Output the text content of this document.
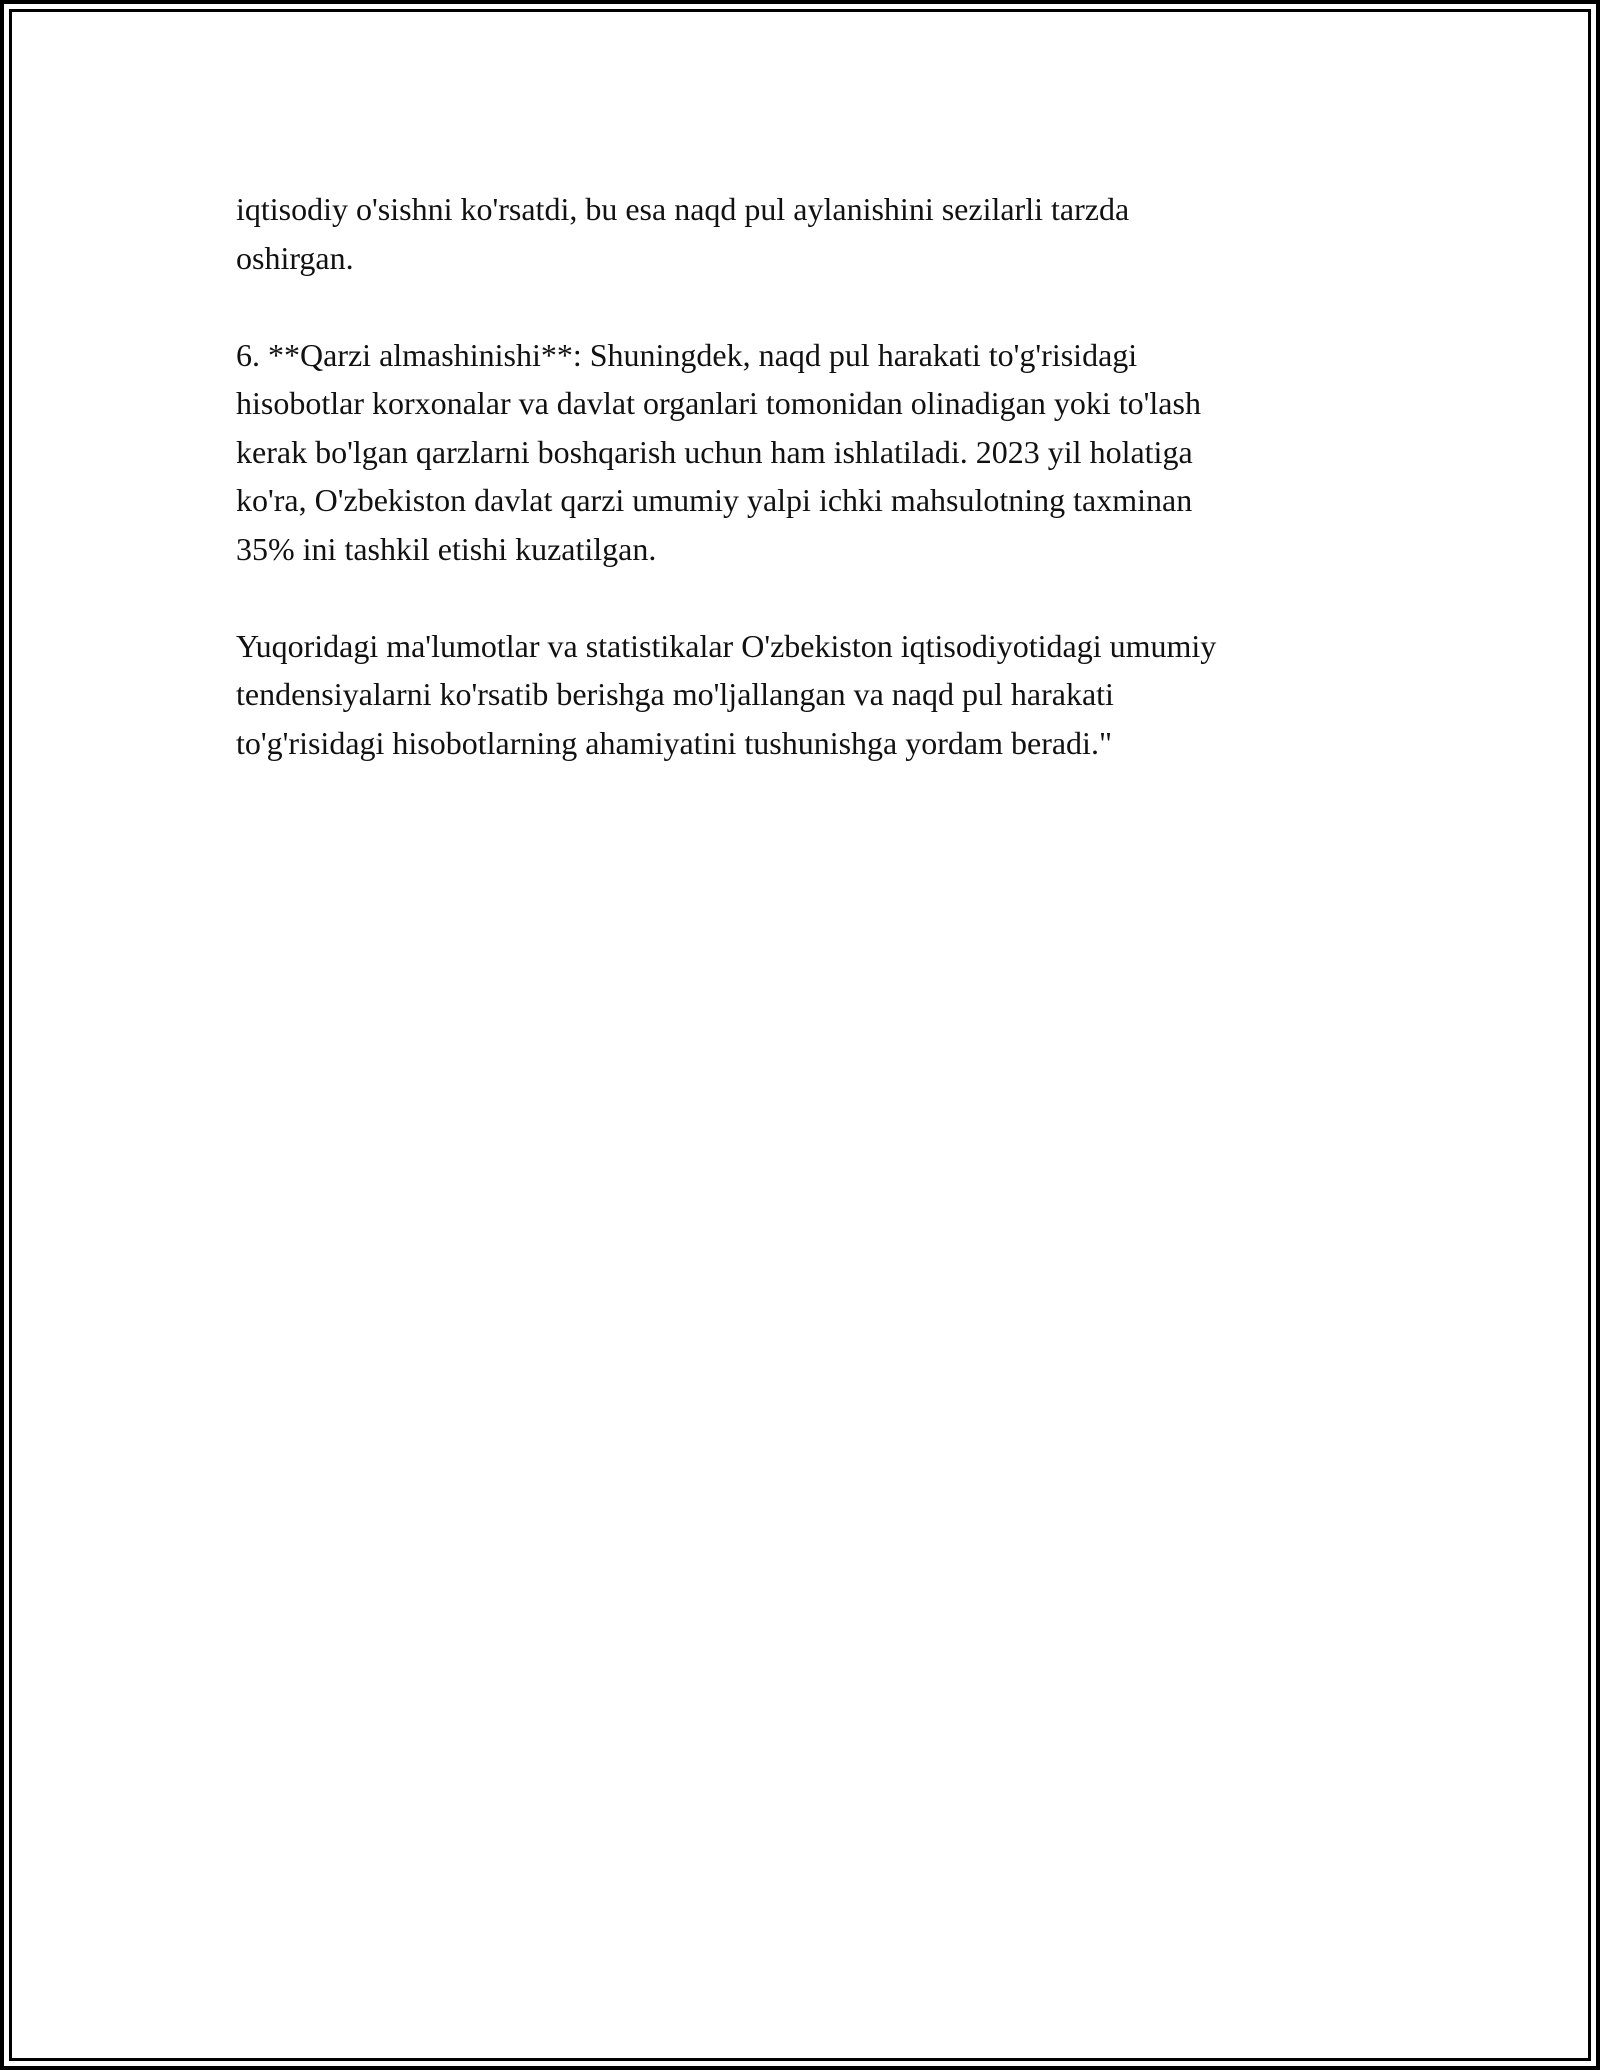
iqtisodiy o'sishni ko'rsatdi, bu esa naqd pul aylanishini sezilarli tarzda
oshirgan.

6. **Qarzi almashinishi**: Shuningdek, naqd pul harakati to'g'risidagi
hisobotlar korxonalar va davlat organlari tomonidan olinadigan yoki to'lash
kerak bo'lgan qarzlarni boshqarish uchun ham ishlatiladi. 2023 yil holatiga
ko'ra, O'zbekiston davlat qarzi umumiy yalpi ichki mahsulotning taxminan
35% ini tashkil etishi kuzatilgan.

Yuqoridagi ma'lumotlar va statistikalar O'zbekiston iqtisodiyotidagi umumiy
tendensiyalarni ko'rsatib berishga mo'ljallangan va naqd pul harakati
to'g'risidagi hisobotlarning ahamiyatini tushunishga yordam beradi."
